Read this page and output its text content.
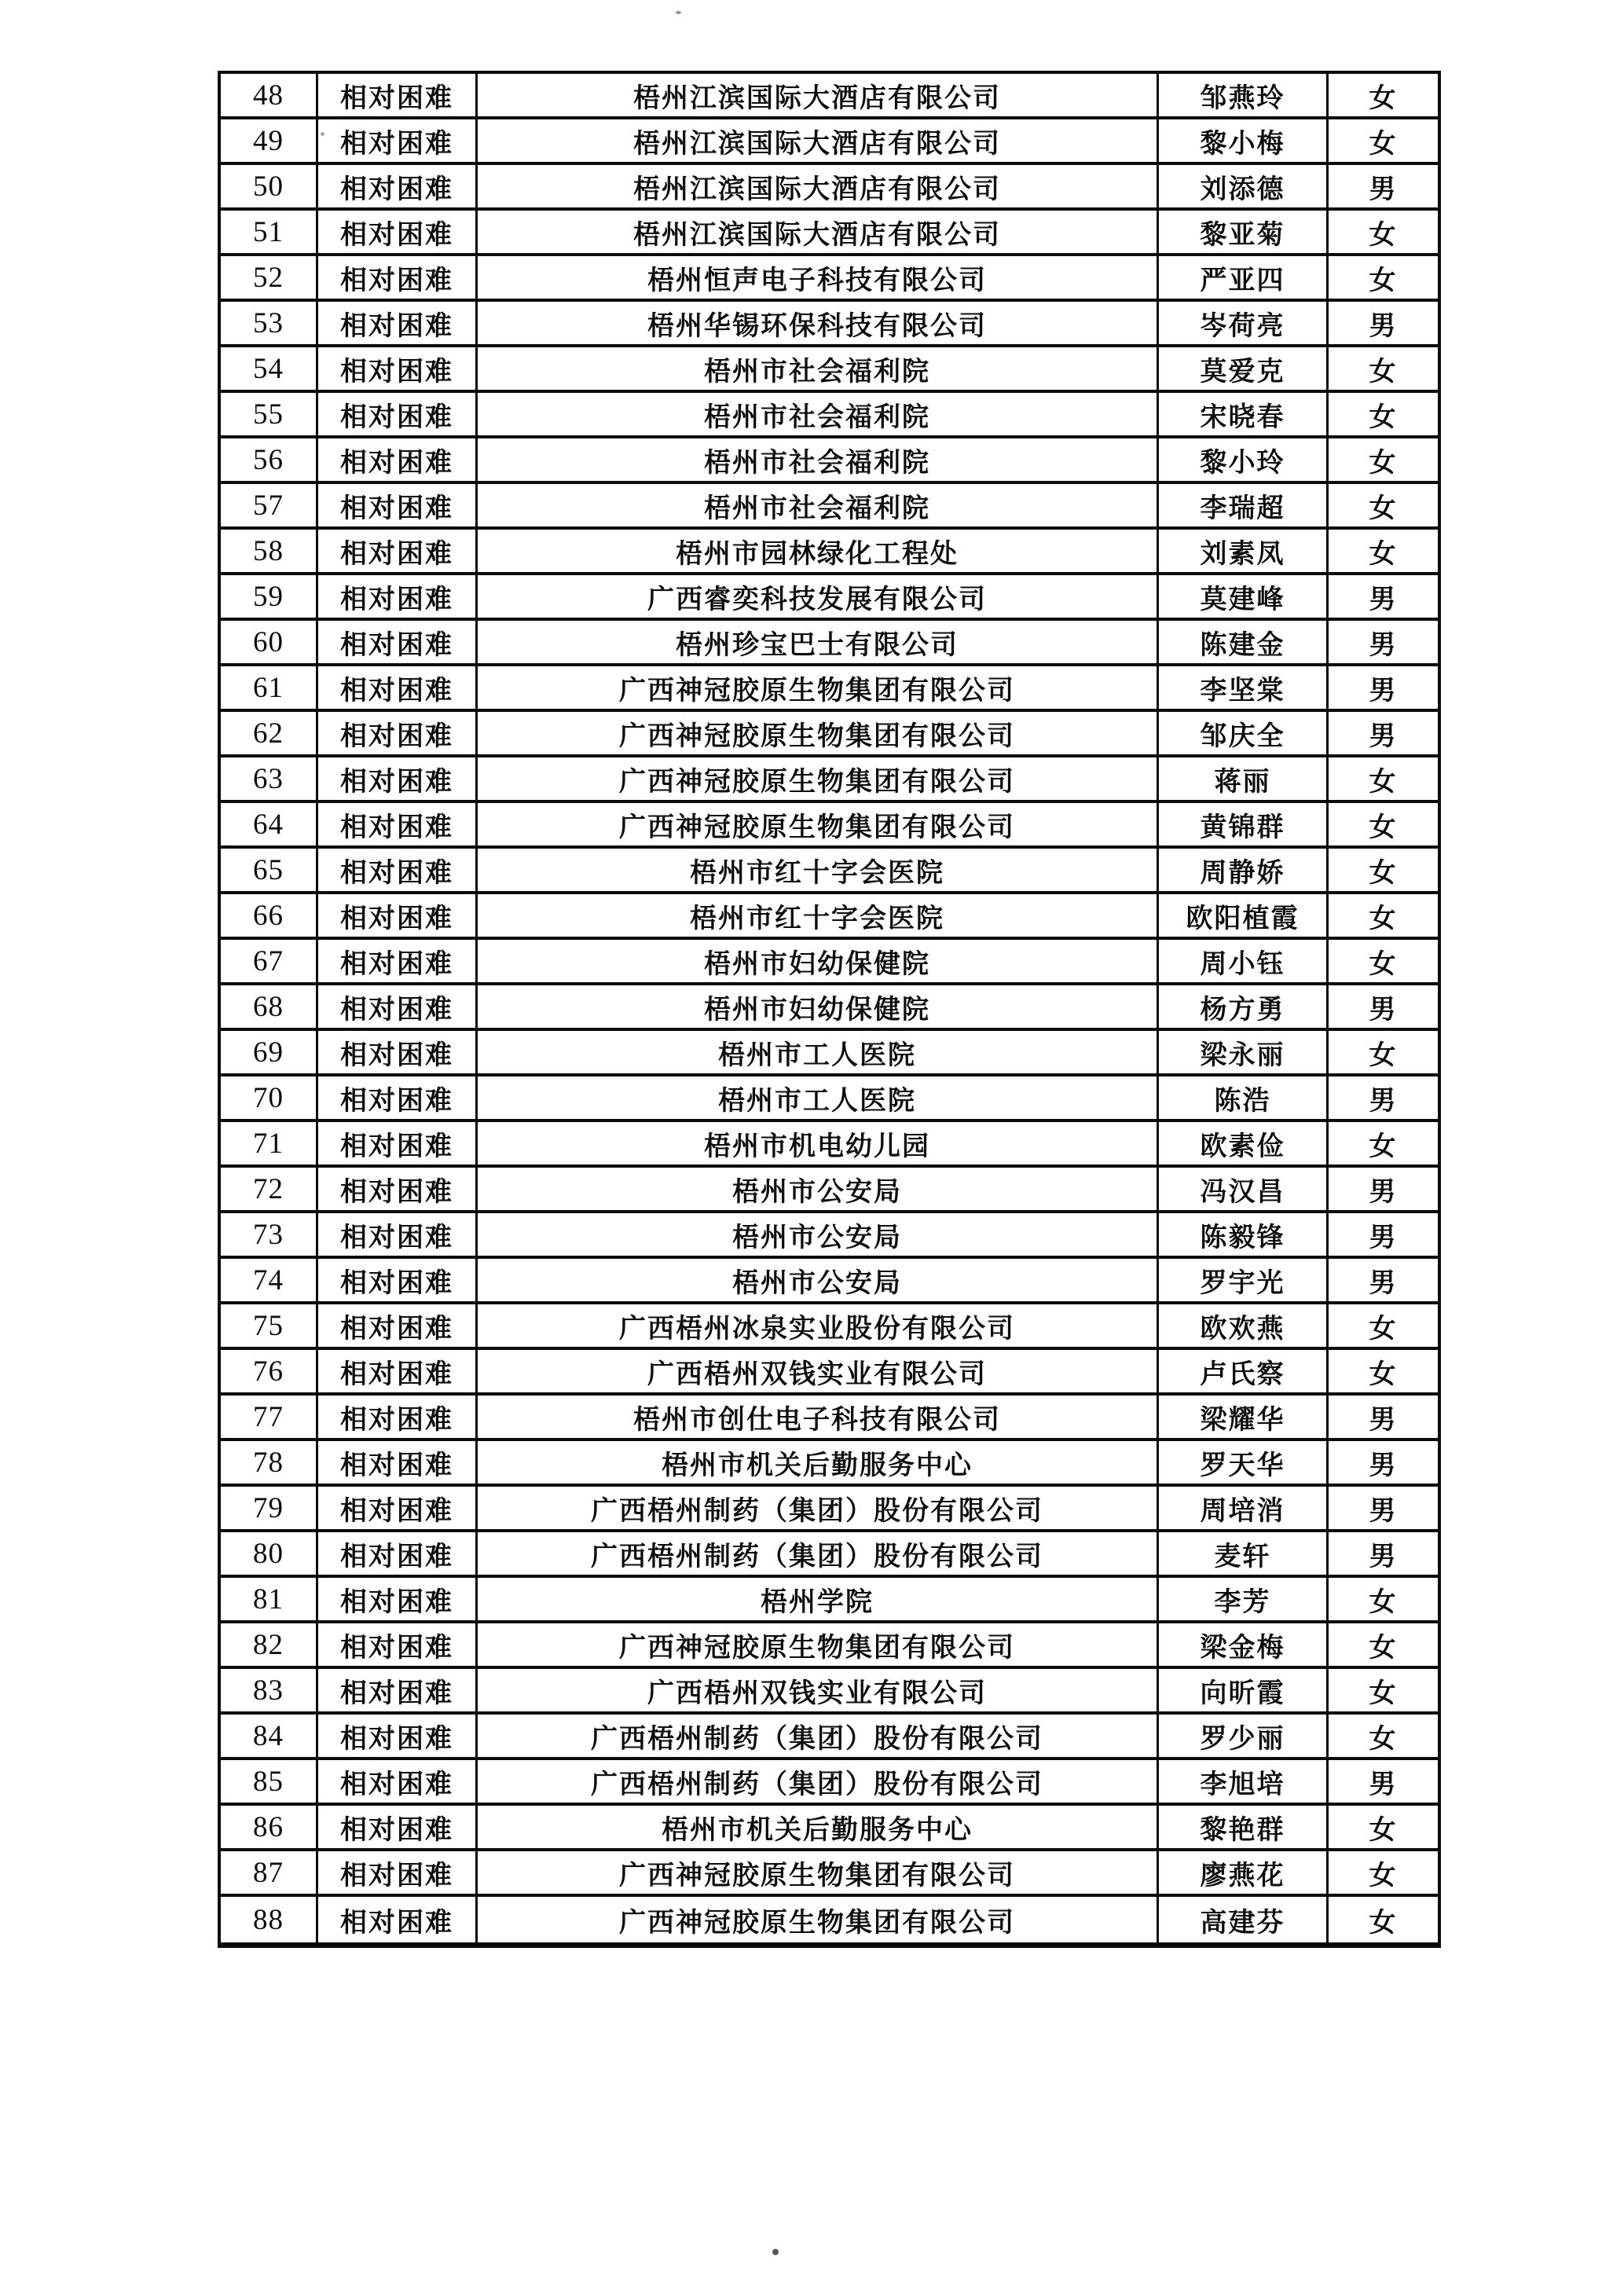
48	相对困难	梧州江滨国际大酒店有限公司	邹燕玲	女
49	相对困难	梧州江滨国际大酒店有限公司	黎小梅	女
50	相对困难	梧州江滨国际大酒店有限公司	刘添德	男
51	相对困难	梧州江滨国际大酒店有限公司	黎亚菊	女
52	相对困难	梧州恒声电子科技有限公司	严亚四	女
53	相对困难	梧州华锡环保科技有限公司	岑荷亮	男
54	相对困难	梧州市社会福利院	莫爱克	女
55	相对困难	梧州市社会福利院	宋晓春	女
56	相对困难	梧州市社会福利院	黎小玲	女
57	相对困难	梧州市社会福利院	李瑞超	女
58	相对困难	梧州市园林绿化工程处	刘素凤	女
59	相对困难	广西睿奕科技发展有限公司	莫建峰	男
60	相对困难	梧州珍宝巴士有限公司	陈建金	男
61	相对困难	广西神冠胶原生物集团有限公司	李坚棠	男
62	相对困难	广西神冠胶原生物集团有限公司	邹庆全	男
63	相对困难	广西神冠胶原生物集团有限公司	蒋丽	女
64	相对困难	广西神冠胶原生物集团有限公司	黄锦群	女
65	相对困难	梧州市红十字会医院	周静娇	女
66	相对困难	梧州市红十字会医院	欧阳植霞	女
67	相对困难	梧州市妇幼保健院	周小钰	女
68	相对困难	梧州市妇幼保健院	杨方勇	男
69	相对困难	梧州市工人医院	梁永丽	女
70	相对困难	梧州市工人医院	陈浩	男
71	相对困难	梧州市机电幼儿园	欧素俭	女
72	相对困难	梧州市公安局	冯汉昌	男
73	相对困难	梧州市公安局	陈毅锋	男
74	相对困难	梧州市公安局	罗宇光	男
75	相对困难	广西梧州冰泉实业股份有限公司	欧欢燕	女
76	相对困难	广西梧州双钱实业有限公司	卢氏察	女
77	相对困难	梧州市创仕电子科技有限公司	梁耀华	男
78	相对困难	梧州市机关后勤服务中心	罗天华	男
79	相对困难	广西梧州制药（集团）股份有限公司	周培消	男
80	相对困难	广西梧州制药（集团）股份有限公司	麦轩	男
81	相对困难	梧州学院	李芳	女
82	相对困难	广西神冠胶原生物集团有限公司	梁金梅	女
83	相对困难	广西梧州双钱实业有限公司	向昕霞	女
84	相对困难	广西梧州制药（集团）股份有限公司	罗少丽	女
85	相对困难	广西梧州制药（集团）股份有限公司	李旭培	男
86	相对困难	梧州市机关后勤服务中心	黎艳群	女
87	相对困难	广西神冠胶原生物集团有限公司	廖燕花	女
88	相对困难	广西神冠胶原生物集团有限公司	高建芬	女
